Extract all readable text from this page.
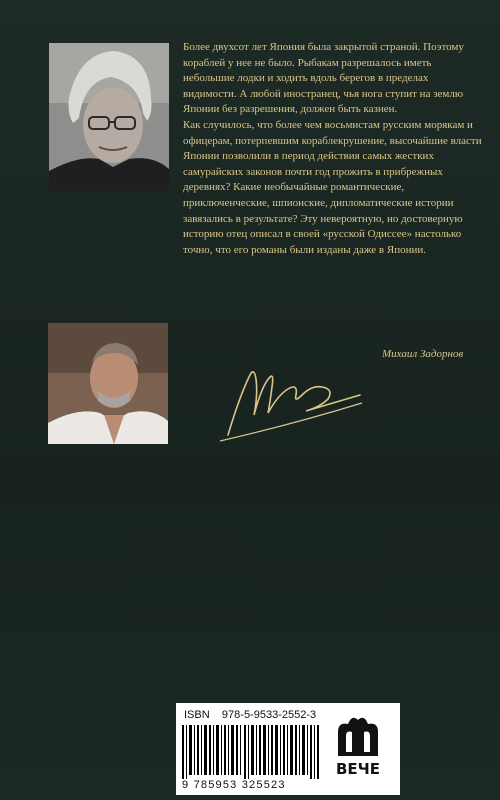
Более двухсот лет Япония была закрытой страной. Поэтому кораблей у нее не было. Рыбакам разрешалось иметь небольшие лодки и ходить вдоль берегов в пределах видимости. А любой иностранец, чья нога ступит на землю Японии без разрешения, должен быть казнен.

Как случилось, что более чем восьмистам русским морякам и офицерам, потерпевшим кораблекрушение, высочайшие власти Японии позволили в период действия самых жестких самурайских законов почти год прожить в прибрежных деревнях? Какие необычайные романтические, приключенческие, шпионские, дипломатические истории завязались в результате? Эту невероятную, но достоверную историю отец описал в своей «русской Одиссее» настолько точно, что его романы были изданы даже в Японии.

Михаил Задорнов
ISBN 978-5-9533-2552-3
9 785953 325523
ВЕЧЕ
